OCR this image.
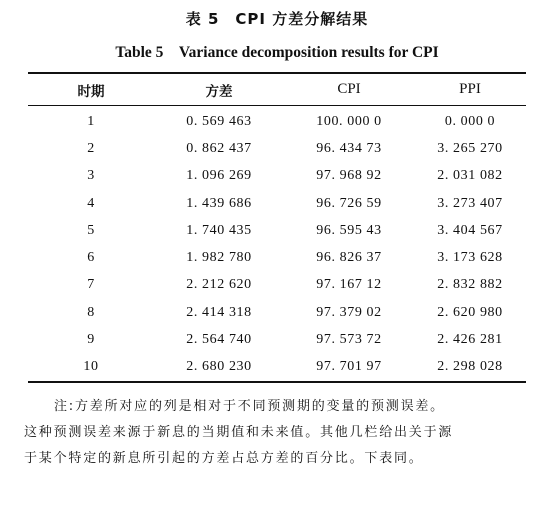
表 5　CPI 方差分解结果
Table 5　Variance decomposition results for CPI
时期	方差	CPI	PPI
1	0. 569 463	100. 000 0	0. 000 0
2	0. 862 437	96. 434 73	3. 265 270
3	1. 096 269	97. 968 92	2. 031 082
4	1. 439 686	96. 726 59	3. 273 407
5	1. 740 435	96. 595 43	3. 404 567
6	1. 982 780	96. 826 37	3. 173 628
7	2. 212 620	97. 167 12	2. 832 882
8	2. 414 318	97. 379 02	2. 620 980
9	2. 564 740	97. 573 72	2. 426 281
10	2. 680 230	97. 701 97	2. 298 028

注:方差所对应的列是相对于不同预测期的变量的预测误差。

这种预测误差来源于新息的当期值和未来值。其他几栏给出关于源

于某个特定的新息所引起的方差占总方差的百分比。下表同。
